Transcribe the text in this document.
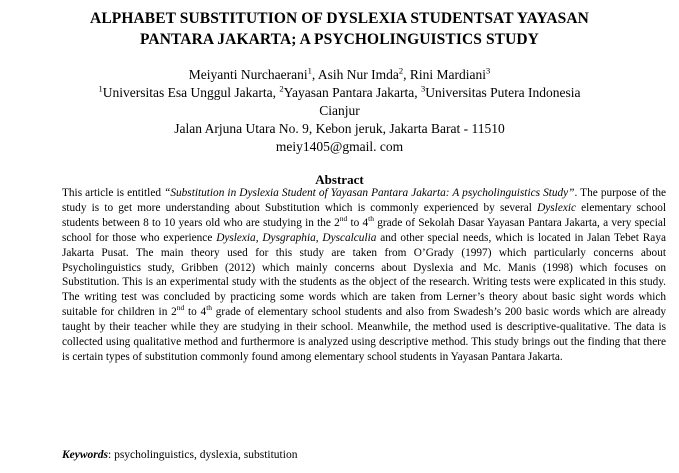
ALPHABET SUBSTITUTION OF DYSLEXIA STUDENTSAT YAYASAN
PANTARA JAKARTA; A PSYCHOLINGUISTICS STUDY
Meiyanti Nurchaerani$^1$, Asih Nur Imda$^2$, Rini Mardiani$^3$
$^1$Universitas Esa Unggul Jakarta, $^2$Yayasan Pantara Jakarta, $^3$Universitas Putera Indonesia
Cianjur
Jalan Arjuna Utara No. 9, Kebon jeruk, Jakarta Barat - 11510
meiy1405@gmail. com
Abstract
This article is entitled “Substitution in Dyslexia Student of Yayasan Pantara Jakarta: A psycholinguistics Study”. The purpose of the study is to get more understanding about Substitution which is commonly experienced by several Dyslexic elementary school students between 8 to 10 years old who are studying in the 2nd to 4th grade of Sekolah Dasar Yayasan Pantara Jakarta, a very special school for those who experience Dyslexia, Dysgraphia, Dyscalculia and other special needs, which is located in Jalan Tebet Raya Jakarta Pusat. The main theory used for this study are taken from O’Grady (1997) which particularly concerns about Psycholinguistics study, Gribben (2012) which mainly concerns about Dyslexia and Mc. Manis (1998) which focuses on Substitution. This is an experimental study with the students as the object of the research. Writing tests were explicated in this study. The writing test was concluded by practicing some words which are taken from Lerner’s theory about basic sight words which suitable for children in 2nd to 4th grade of elementary school students and also from Swadesh’s 200 basic words which are already taught by their teacher while they are studying in their school. Meanwhile, the method used is descriptive-qualitative. The data is collected using qualitative method and furthermore is analyzed using descriptive method. This study brings out the finding that there is certain types of substitution commonly found among elementary school students in Yayasan Pantara Jakarta.
Keywords: psycholinguistics, dyslexia, substitution
